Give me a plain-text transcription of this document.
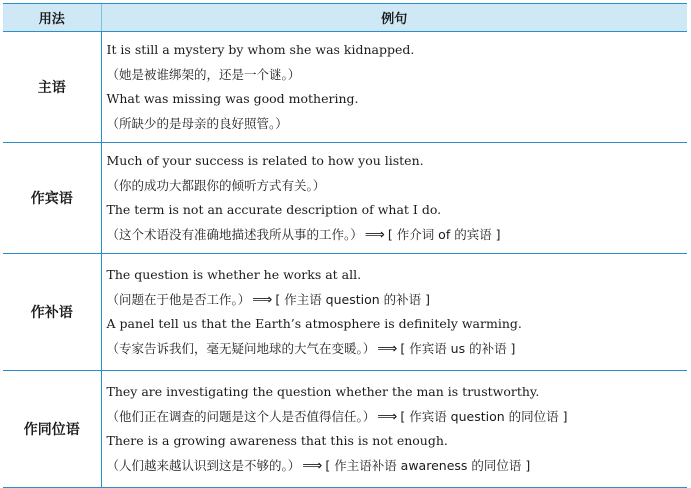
用法	例句
主语	It is still a mystery by whom she was kidnapped.
（她是被谁绑架的，还是一个谜。）
What was missing was good mothering.
（所缺少的是母亲的良好照管。）

作宾语	Much of your success is related to how you listen.
（你的成功大都跟你的倾听方式有关。）
The term is not an accurate description of what I do.
（这个术语没有准确地描述我所从事的工作。） ⟹ [ 作介词 of 的宾语 ]

作补语	The question is whether he works at all.
（问题在于他是否工作。） ⟹ [ 作主语 question 的补语 ]
A panel tell us that the Earth’s atmosphere is definitely warming.
（专家告诉我们，毫无疑问地球的大气在变暖。） ⟹ [ 作宾语 us 的补语 ]

作同位语	They are investigating the question whether the man is trustworthy.
（他们正在调查的问题是这个人是否值得信任。） ⟹ [ 作宾语 question 的同位语 ]
There is a growing awareness that this is not enough.
（人们越来越认识到这是不够的。） ⟹ [ 作主语补语 awareness 的同位语 ]
